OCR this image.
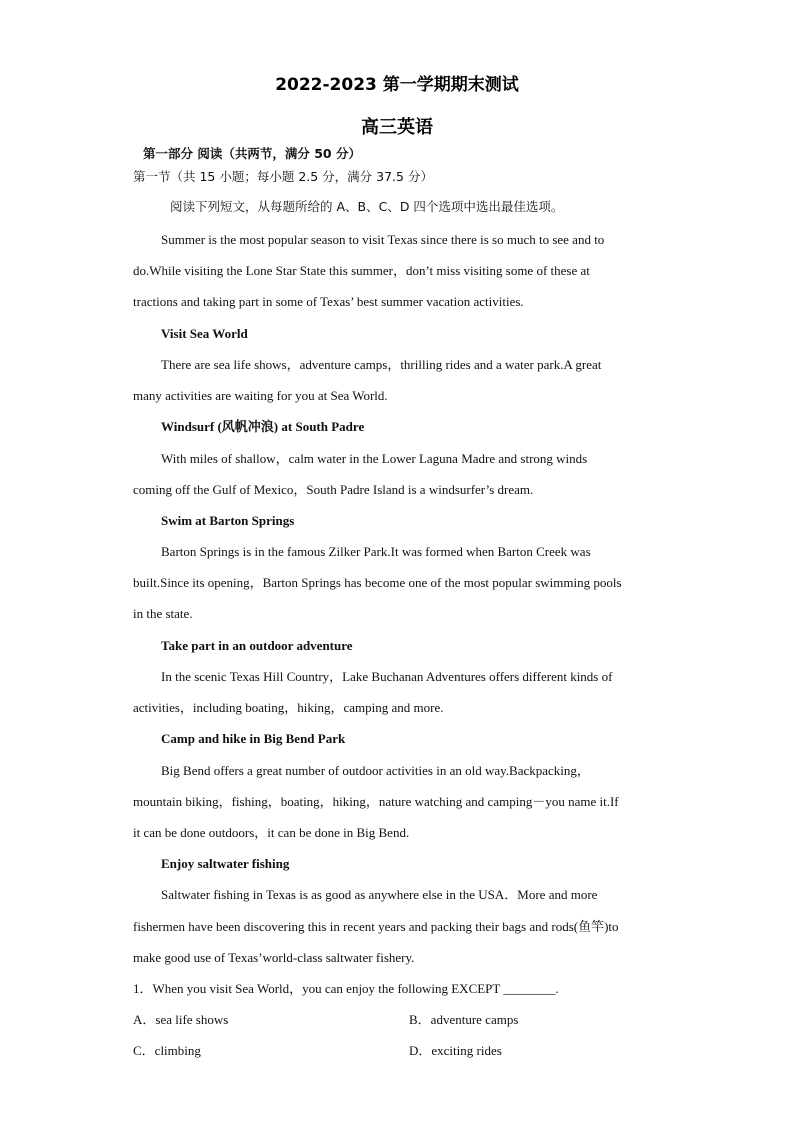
2022-2023 第一学期期末测试
高三英语
第一部分 阅读（共两节，满分 50 分）
第一节（共 15 小题；每小题 2.5 分，满分 37.5 分）
阅读下列短文，从每题所给的 A、B、C、D 四个选项中选出最佳选项。
Summer is the most popular season to visit Texas since there is so much to see and to
do.While visiting the Lone Star State this summer，don’t miss visiting some of these at
tractions and taking part in some of Texas’ best summer vacation activities.
Visit Sea World
There are sea life shows，adventure camps，thrilling rides and a water park.A great
many activities are waiting for you at Sea World.
Windsurf (风帆冲浪) at South Padre
With miles of shallow，calm water in the Lower Laguna Madre and strong winds
coming off the Gulf of Mexico，South Padre Island is a windsurfer’s dream.
Swim at Barton Springs
Barton Springs is in the famous Zilker Park.It was formed when Barton Creek was
built.Since its opening，Barton Springs has become one of the most popular swimming pools
in the state.
Take part in an outdoor adventure
In the scenic Texas Hill Country，Lake Buchanan Adventures offers different kinds of
activities，including boating，hiking，camping and more.
Camp and hike in Big Bend Park
Big Bend offers a great number of outdoor activities in an old way.Backpacking，
mountain biking，fishing，boating，hiking，nature watching and camping－you name it.If
it can be done outdoors，it can be done in Big Bend.
Enjoy saltwater fishing
Saltwater fishing in Texas is as good as anywhere else in the USA．More and more
fishermen have been discovering this in recent years and packing their bags and rods(鱼竿)to
make good use of Texas’world-class saltwater fishery.
1．When you visit Sea World，you can enjoy the following EXCEPT ________.
A．sea life shows	B．adventure camps
C．climbing	D．exciting rides
